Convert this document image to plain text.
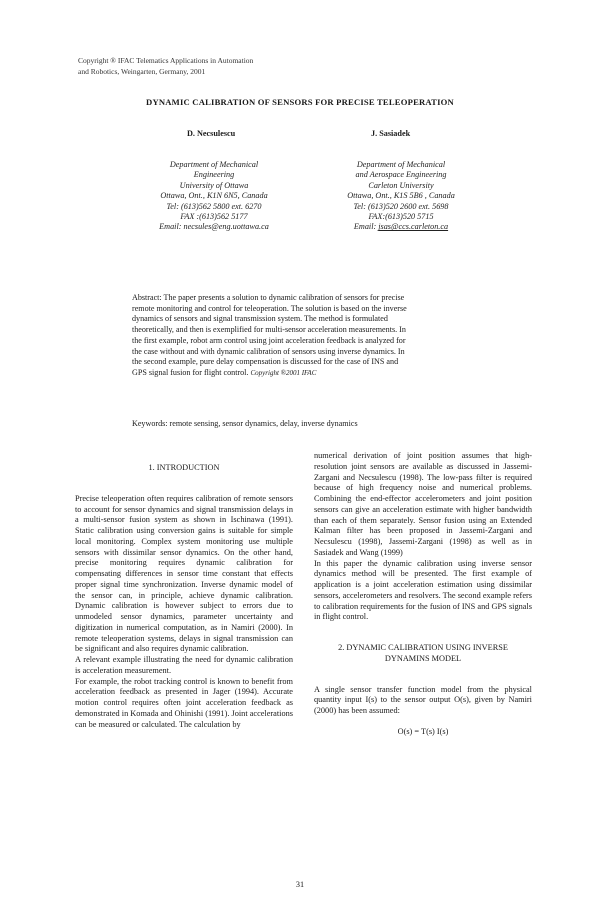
Copyright ® IFAC Telematics Applications in Automation
and Robotics, Weingarten, Germany, 2001
DYNAMIC CALIBRATION OF SENSORS FOR PRECISE TELEOPERATION
D. Necsulescu	J. Sasiadek
Department of Mechanical
Engineering
University of Ottawa
Ottawa, Ont., K1N 6N5, Canada
Tel: (613)562 5800 ext. 6270
FAX :(613)562 5177
Email: necsules@eng.uottawa.ca
Department of Mechanical
and Aerospace Engineering
Carleton University
Ottawa, Ont., K1S 5B6 , Canada
Tel: (613)520 2600 ext. 5698
FAX:(613)520 5715
Email: jsas@ccs.carleton.ca
Abstract: The paper presents a solution to dynamic calibration of sensors for precise
remote monitoring and control for teleoperation. The solution is based on the inverse
dynamics of sensors and signal transmission system. The method is formulated
theoretically, and then is exemplified for multi-sensor acceleration measurements. In
the first example, robot arm control using joint acceleration feedback is analyzed for
the case without and with dynamic calibration of sensors using inverse dynamics. In
the second example, pure delay compensation is discussed for the case of INS and
GPS signal fusion for flight control. Copyright ®2001 IFAC
Keywords: remote sensing, sensor dynamics, delay, inverse dynamics
1. INTRODUCTION

Precise teleoperation often requires calibration of remote sensors to account for sensor dynamics and signal transmission delays in a multi-sensor fusion system as shown in Ischinawa (1991). Static calibration using conversion gains is suitable for simple local monitoring. Complex system monitoring use multiple sensors with dissimilar sensor dynamics. On the other hand, precise monitoring requires dynamic calibration for compensating differences in sensor time constant that effects proper signal time synchronization. Inverse dynamic model of the sensor can, in principle, achieve dynamic calibration. Dynamic calibration is however subject to errors due to unmodeled sensor dynamics, parameter uncertainty and digitization in numerical computation, as in Namiri (2000). In remote teleoperation systems, delays in signal transmission can be significant and also requires dynamic calibration.

A relevant example illustrating the need for dynamic calibration is acceleration measurement.

For example, the robot tracking control is known to benefit from acceleration feedback as presented in Jager (1994). Accurate motion control requires often joint acceleration feedback as demonstrated in Komada and Ohinishi (1991). Joint accelerations can be measured or calculated. The calculation by

numerical derivation of joint position assumes that high-resolution joint sensors are available as discussed in Jassemi-Zargani and Necsulescu (1998). The low-pass filter is required because of high frequency noise and numerical problems. Combining the end-effector accelerometers and joint position sensors can give an acceleration estimate with higher bandwidth than each of them separately. Sensor fusion using an Extended Kalman filter has been proposed in Jassemi-Zargani and Necsulescu (1998), Jassemi-Zargani (1998) as well as in Sasiadek and Wang (1999)

In this paper the dynamic calibration using inverse sensor dynamics method will be presented. The first example of application is a joint acceleration estimation using dissimilar sensors, accelerometers and resolvers. The second example refers to calibration requirements for the fusion of INS and GPS signals in flight control.

2. DYNAMIC CALIBRATION USING INVERSE
DYNAMINS MODEL

A single sensor transfer function model from the physical quantity input I(s) to the sensor output O(s), given by Namiri (2000) has been assumed:

O(s) = T(s) I(s)
31
